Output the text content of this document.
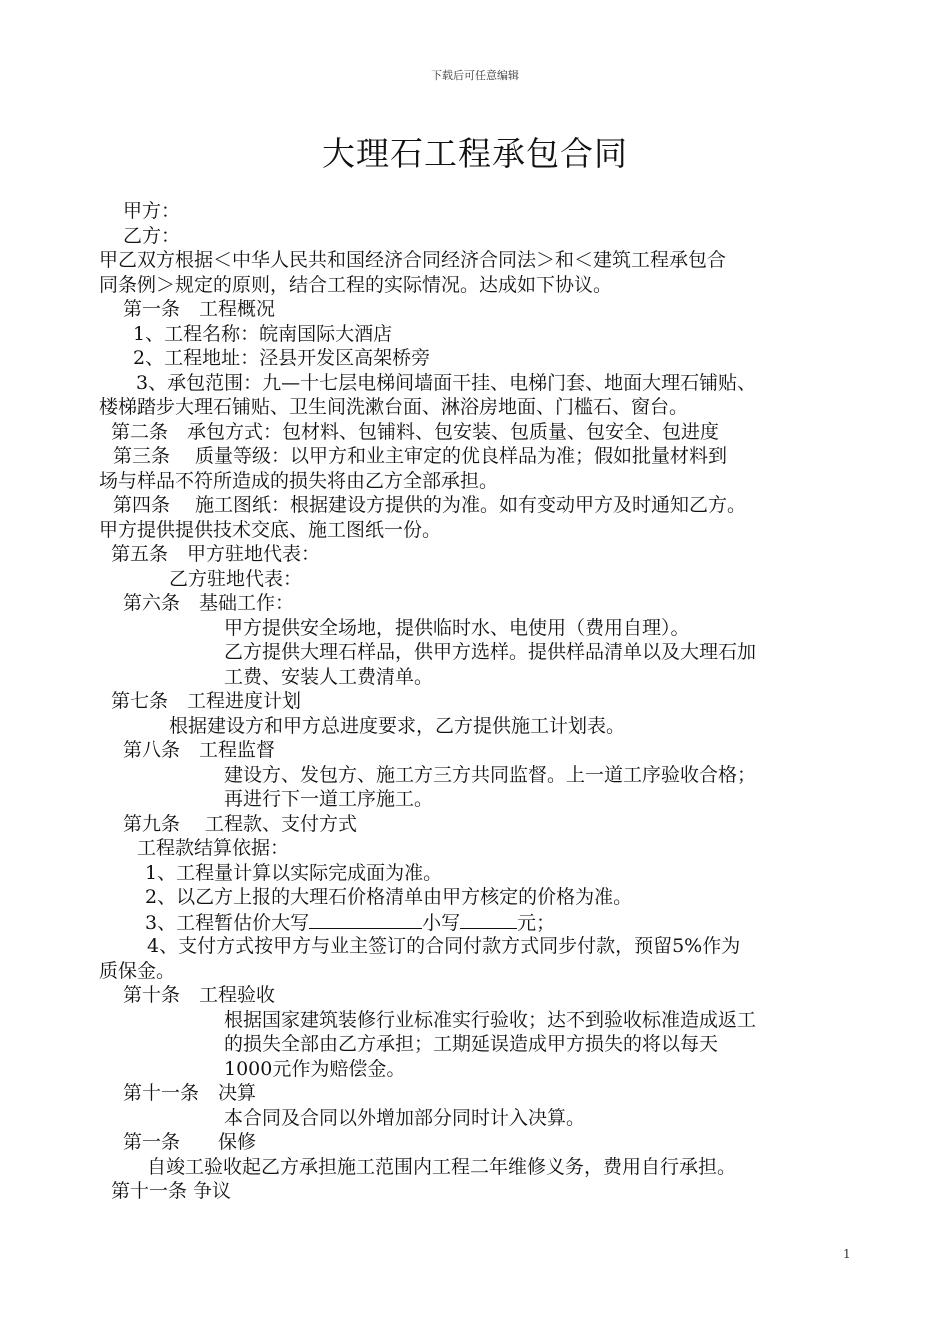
下载后可任意编辑
大理石工程承包合同
甲方：
乙方：
甲乙双方根据＜中华人民共和国经济合同经济合同法＞和＜建筑工程承包合
同条例＞规定的原则，结合工程的实际情况。达成如下协议。
第一条　工程概况
1、工程名称：皖南国际大酒店
2、工程地址：泾县开发区高架桥旁
3、承包范围：九—十七层电梯间墙面干挂、电梯门套、地面大理石铺贴、
楼梯踏步大理石铺贴、卫生间洗漱台面、淋浴房地面、门槛石、窗台。
第二条　承包方式：包材料、包铺料、包安装、包质量、包安全、包进度
第三条　 质量等级：以甲方和业主审定的优良样品为准；假如批量材料到
场与样品不符所造成的损失将由乙方全部承担。
第四条　 施工图纸：根据建设方提供的为准。如有变动甲方及时通知乙方。
甲方提供提供技术交底、施工图纸一份。
第五条　甲方驻地代表：
乙方驻地代表：
第六条　基础工作：
甲方提供安全场地，提供临时水、电使用（费用自理）。
乙方提供大理石样品，供甲方选样。提供样品清单以及大理石加
工费、安装人工费清单。
第七条　工程进度计划
根据建设方和甲方总进度要求，乙方提供施工计划表。
第八条　工程监督
建设方、发包方、施工方三方共同监督。上一道工序验收合格；
再进行下一道工序施工。
第九条　 工程款、支付方式
工程款结算依据：
1、工程量计算以实际完成面为准。
2、以乙方上报的大理石价格清单由甲方核定的价格为准。
3、工程暂估价大写	小写	元；
4、支付方式按甲方与业主签订的合同付款方式同步付款，预留5%作为
质保金。
第十条　工程验收
根据国家建筑装修行业标准实行验收；达不到验收标准造成返工
的损失全部由乙方承担；工期延误造成甲方损失的将以每天
1000元作为赔偿金。
第十一条　决算
本合同及合同以外增加部分同时计入决算。
第一条　　保修
自竣工验收起乙方承担施工范围内工程二年维修义务，费用自行承担。
第十一条 争议
1
